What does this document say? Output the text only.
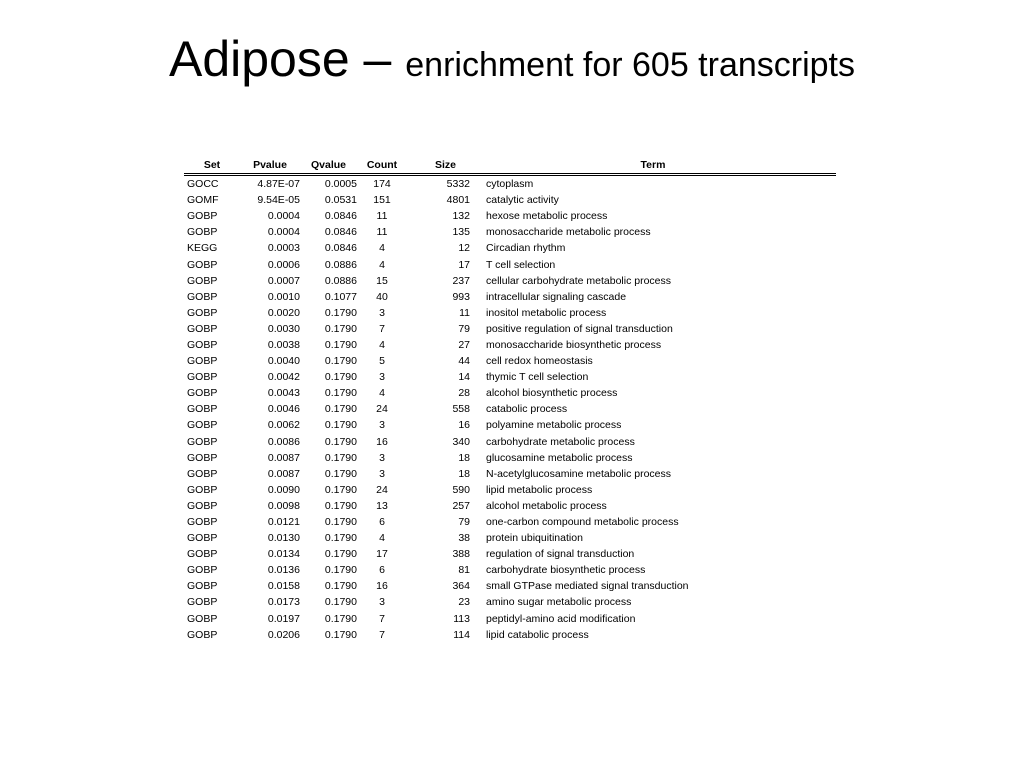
Adipose – enrichment for 605 transcripts
Set	Pvalue	Qvalue	Count	Size	Term
GOCC	4.87E-07	0.0005	174	5332	cytoplasm
GOMF	9.54E-05	0.0531	151	4801	catalytic activity
GOBP	0.0004	0.0846	11	132	hexose metabolic process
GOBP	0.0004	0.0846	11	135	monosaccharide metabolic process
KEGG	0.0003	0.0846	4	12	Circadian rhythm
GOBP	0.0006	0.0886	4	17	T cell selection
GOBP	0.0007	0.0886	15	237	cellular carbohydrate metabolic process
GOBP	0.0010	0.1077	40	993	intracellular signaling cascade
GOBP	0.0020	0.1790	3	11	inositol metabolic process
GOBP	0.0030	0.1790	7	79	positive regulation of signal transduction
GOBP	0.0038	0.1790	4	27	monosaccharide biosynthetic process
GOBP	0.0040	0.1790	5	44	cell redox homeostasis
GOBP	0.0042	0.1790	3	14	thymic T cell selection
GOBP	0.0043	0.1790	4	28	alcohol biosynthetic process
GOBP	0.0046	0.1790	24	558	catabolic process
GOBP	0.0062	0.1790	3	16	polyamine metabolic process
GOBP	0.0086	0.1790	16	340	carbohydrate metabolic process
GOBP	0.0087	0.1790	3	18	glucosamine metabolic process
GOBP	0.0087	0.1790	3	18	N-acetylglucosamine metabolic process
GOBP	0.0090	0.1790	24	590	lipid metabolic process
GOBP	0.0098	0.1790	13	257	alcohol metabolic process
GOBP	0.0121	0.1790	6	79	one-carbon compound metabolic process
GOBP	0.0130	0.1790	4	38	protein ubiquitination
GOBP	0.0134	0.1790	17	388	regulation of signal transduction
GOBP	0.0136	0.1790	6	81	carbohydrate biosynthetic process
GOBP	0.0158	0.1790	16	364	small GTPase mediated signal transduction
GOBP	0.0173	0.1790	3	23	amino sugar metabolic process
GOBP	0.0197	0.1790	7	113	peptidyl-amino acid modification
GOBP	0.0206	0.1790	7	114	lipid catabolic process
